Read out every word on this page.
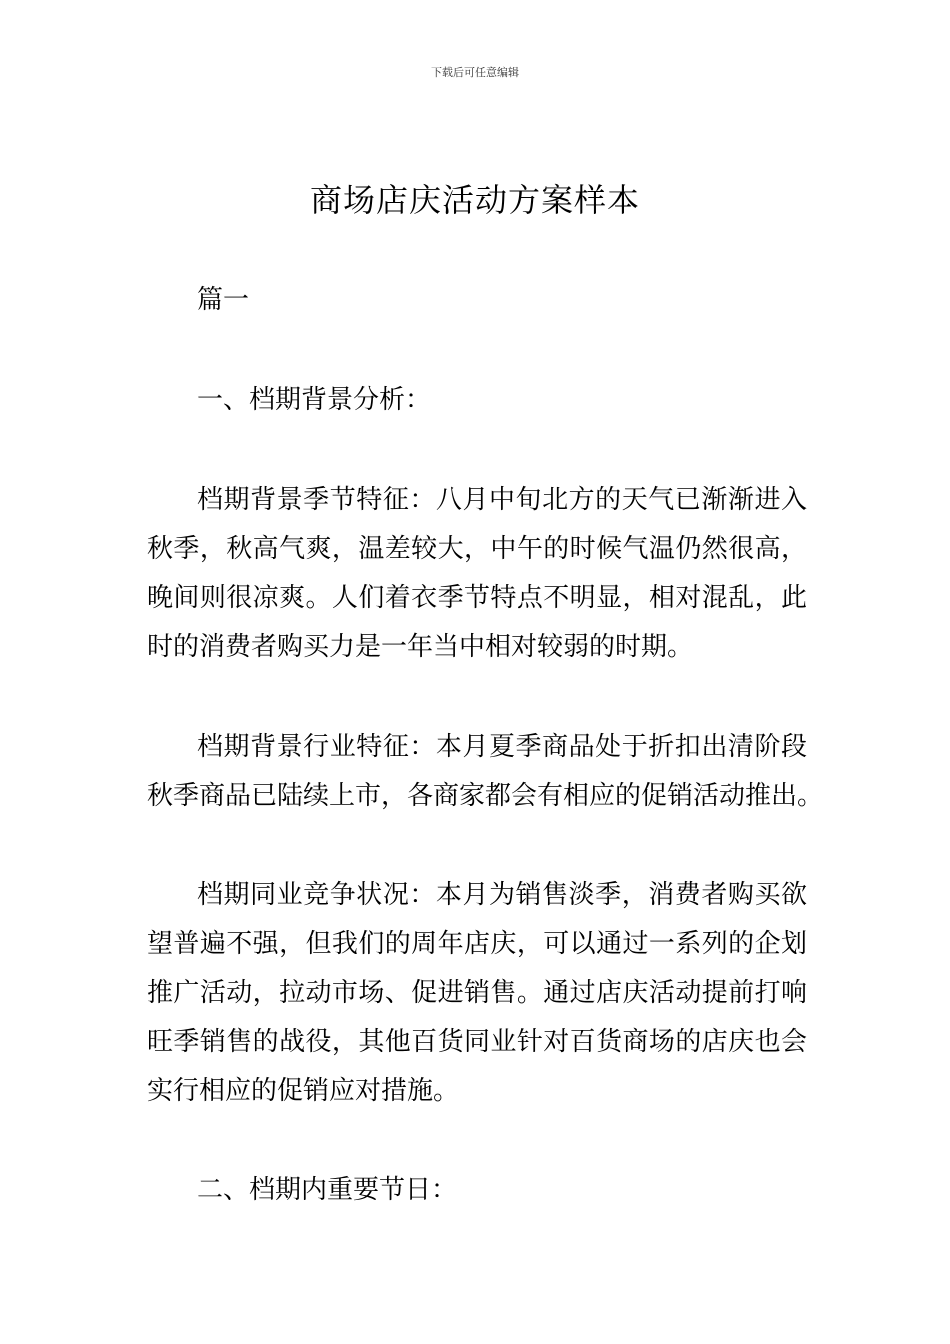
下载后可任意编辑
商场店庆活动方案样本

篇一

一、档期背景分析：

档期背景季节特征：八月中旬北方的天气已渐渐进入

秋季，秋高气爽，温差较大，中午的时候气温仍然很高，

晚间则很凉爽。人们着衣季节特点不明显，相对混乱，此

时的消费者购买力是一年当中相对较弱的时期。

档期背景行业特征：本月夏季商品处于折扣出清阶段

秋季商品已陆续上市，各商家都会有相应的促销活动推出。

档期同业竞争状况：本月为销售淡季，消费者购买欲

望普遍不强，但我们的周年店庆，可以通过一系列的企划

推广活动，拉动市场、促进销售。通过店庆活动提前打响

旺季销售的战役，其他百货同业针对百货商场的店庆也会

实行相应的促销应对措施。

二、档期内重要节日：
